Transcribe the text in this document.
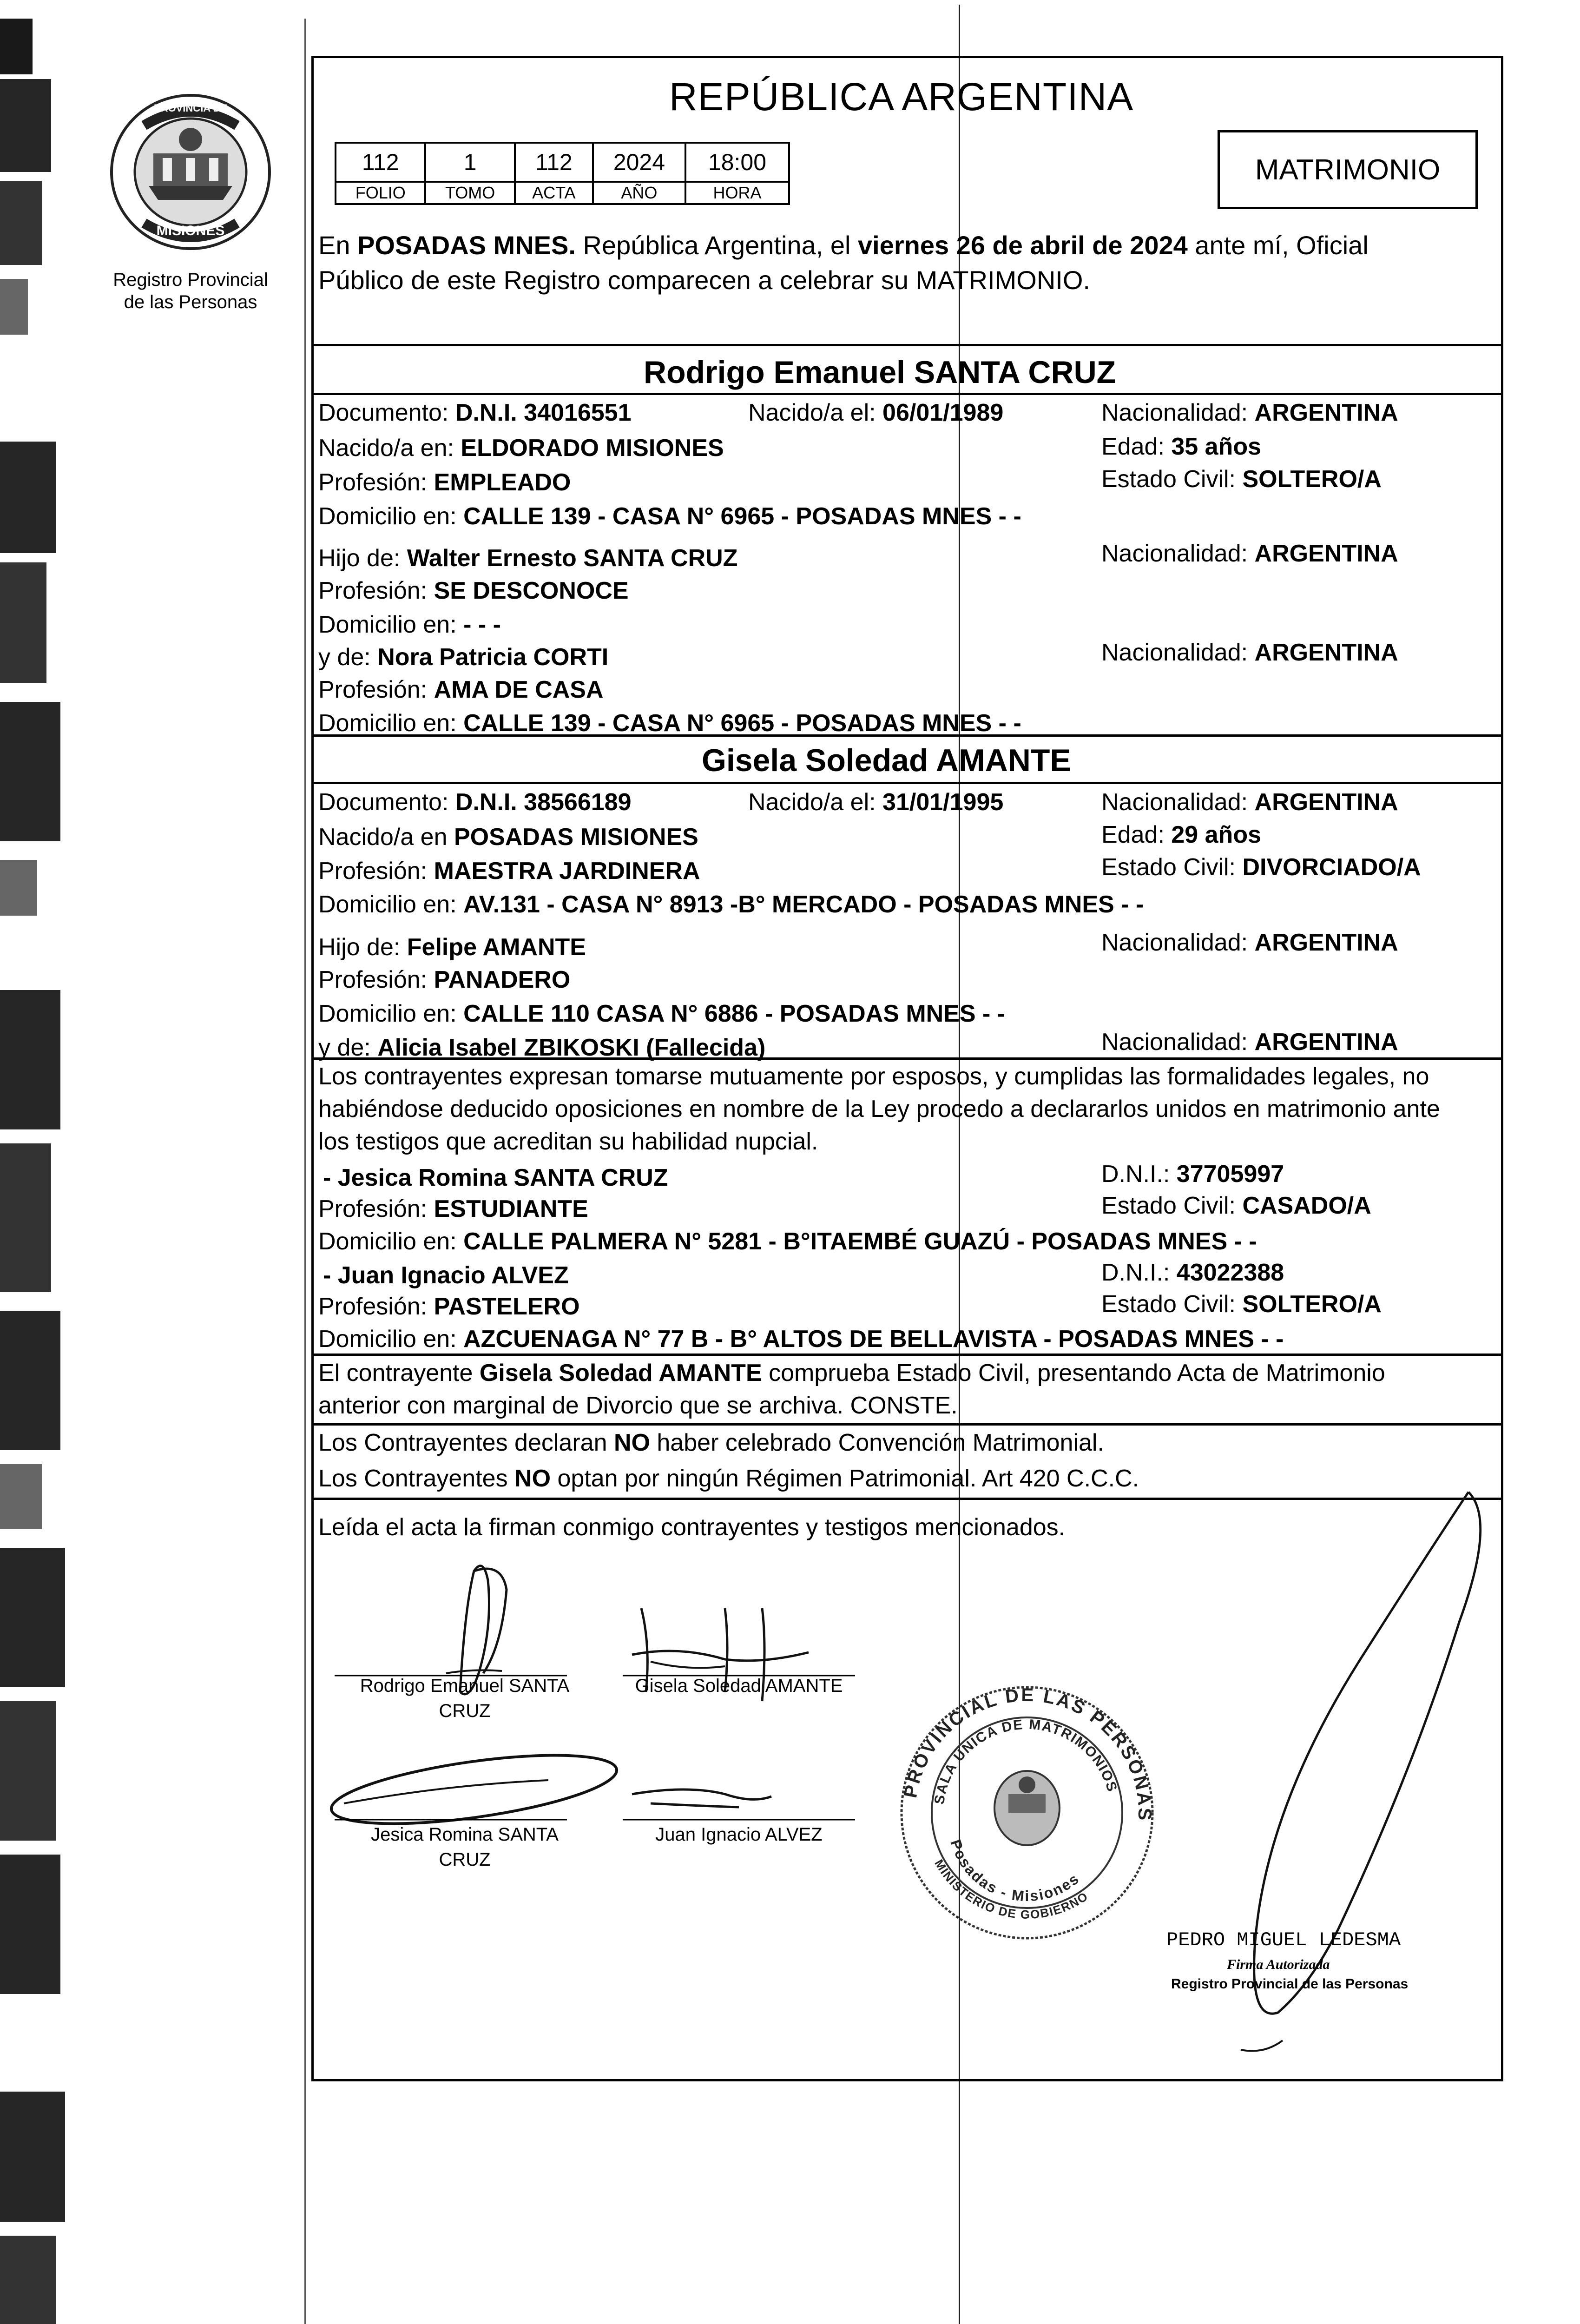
PROVINCIA DE
MISIONES
Registro Provincial
de las Personas
REPÚBLICA ARGENTINA
112	1	112	2024	18:00
FOLIO	TOMO	ACTA	AÑO	HORA
MATRIMONIO
En POSADAS MNES. República Argentina, el viernes 26 de abril de 2024 ante mí, Oficial
Público de este Registro comparecen a celebrar su MATRIMONIO.
Rodrigo Emanuel SANTA CRUZ
Documento: D.N.I. 34016551	Nacido/a el: 06/01/1989	Nacionalidad: ARGENTINA
Nacido/a en: ELDORADO MISIONES	Edad: 35 años
Profesión: EMPLEADO	Estado Civil: SOLTERO/A
Domicilio en: CALLE 139 - CASA N° 6965 - POSADAS MNES - -
Hijo de: Walter Ernesto SANTA CRUZ	Nacionalidad: ARGENTINA
Profesión: SE DESCONOCE
Domicilio en: - - -
y de: Nora Patricia CORTI	Nacionalidad: ARGENTINA
Profesión: AMA DE CASA
Domicilio en: CALLE 139 - CASA N° 6965 - POSADAS MNES - -
Gisela Soledad AMANTE
Documento: D.N.I. 38566189	Nacido/a el: 31/01/1995	Nacionalidad: ARGENTINA
Nacido/a en POSADAS MISIONES	Edad: 29 años
Profesión: MAESTRA JARDINERA	Estado Civil: DIVORCIADO/A
Domicilio en: AV.131 - CASA N° 8913 -B° MERCADO - POSADAS MNES - -
Hijo de: Felipe AMANTE	Nacionalidad: ARGENTINA
Profesión: PANADERO
Domicilio en: CALLE 110 CASA N° 6886 - POSADAS MNES - -
y de: Alicia Isabel ZBIKOSKI (Fallecida)	Nacionalidad: ARGENTINA
Los contrayentes expresan tomarse mutuamente por esposos, y cumplidas las formalidades legales, no
habiéndose deducido oposiciones en nombre de la Ley procedo a declararlos unidos en matrimonio ante
los testigos que acreditan su habilidad nupcial.
- Jesica Romina SANTA CRUZ	D.N.I.: 37705997
Profesión: ESTUDIANTE	Estado Civil: CASADO/A
Domicilio en: CALLE PALMERA N° 5281 - B°ITAEMBÉ GUAZÚ - POSADAS MNES - -
- Juan Ignacio ALVEZ	D.N.I.: 43022388
Profesión: PASTELERO	Estado Civil: SOLTERO/A
Domicilio en: AZCUENAGA N° 77 B - B° ALTOS DE BELLAVISTA - POSADAS MNES - -
El contrayente Gisela Soledad AMANTE comprueba Estado Civil, presentando Acta de Matrimonio
anterior con marginal de Divorcio que se archiva. CONSTE.
Los Contrayentes declaran NO haber celebrado Convención Matrimonial.
Los Contrayentes NO optan por ningún Régimen Patrimonial. Art 420 C.C.C.
Leída el acta la firman conmigo contrayentes y testigos mencionados.
Rodrigo Emanuel SANTA
CRUZ
Gisela Soledad AMANTE
Jesica Romina SANTA
CRUZ
Juan Ignacio ALVEZ
PROVINCIAL DE LAS PERSONAS
SALA ÚNICA DE MATRIMONIOS
Posadas - Misiones
MINISTERIO DE GOBIERNO
PEDRO MIGUEL LEDESMA
Firma Autorizada
Registro Provincial de las Personas
